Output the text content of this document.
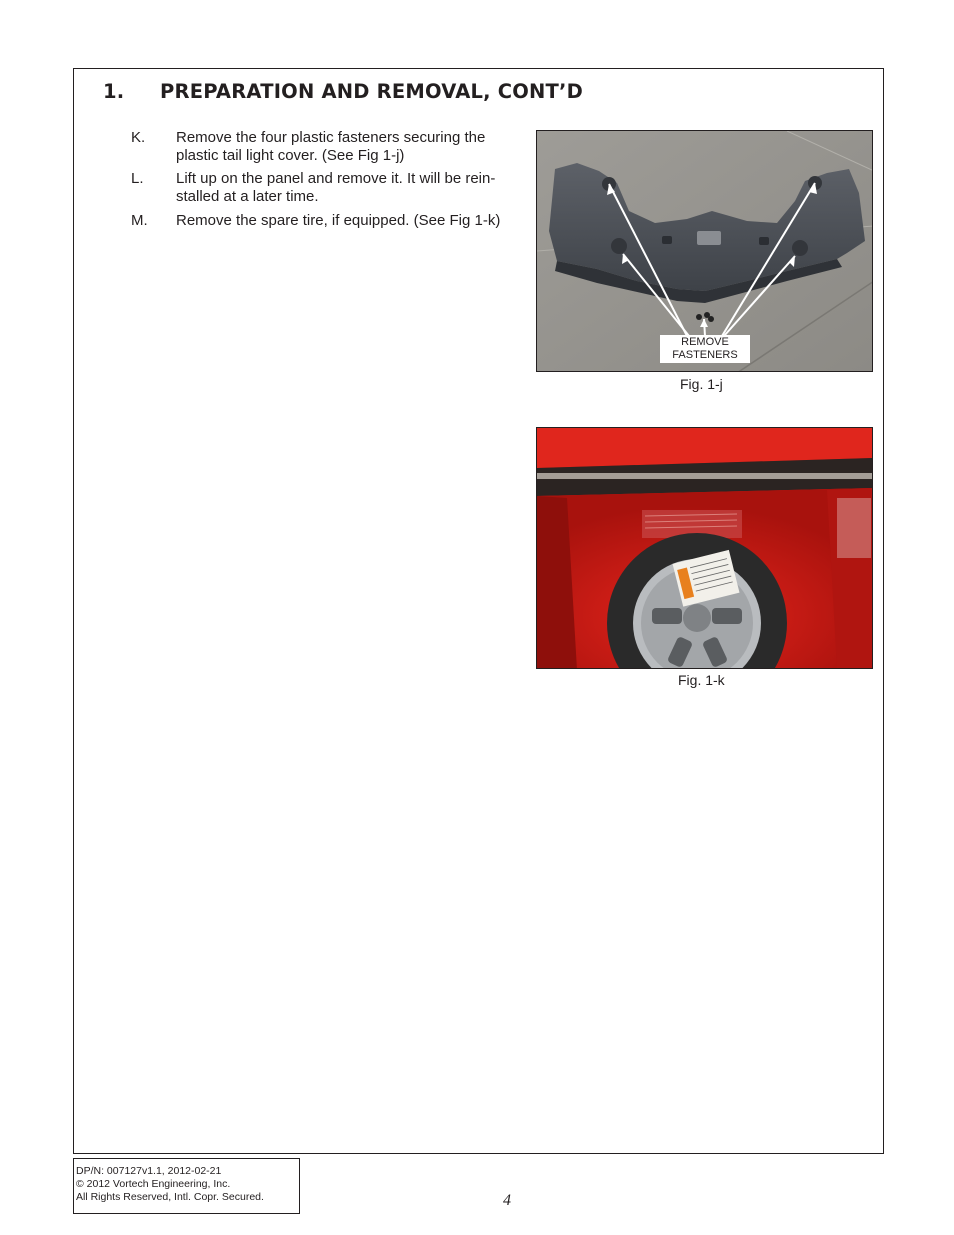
1. PREPARATION AND REMOVAL, CONT’D
K. Remove the four plastic fasteners securing the plastic tail light cover. (See Fig 1-j)
L. Lift up on the panel and remove it. It will be rein-stalled at a later time.
M. Remove the spare tire, if equipped. (See Fig 1-k)
REMOVE
FASTENERS
Fig. 1-j
Fig. 1-k
DP/N: 007127v1.1, 2012-02-21
© 2012 Vortech Engineering, Inc.
All Rights Reserved, Intl. Copr. Secured.	4
